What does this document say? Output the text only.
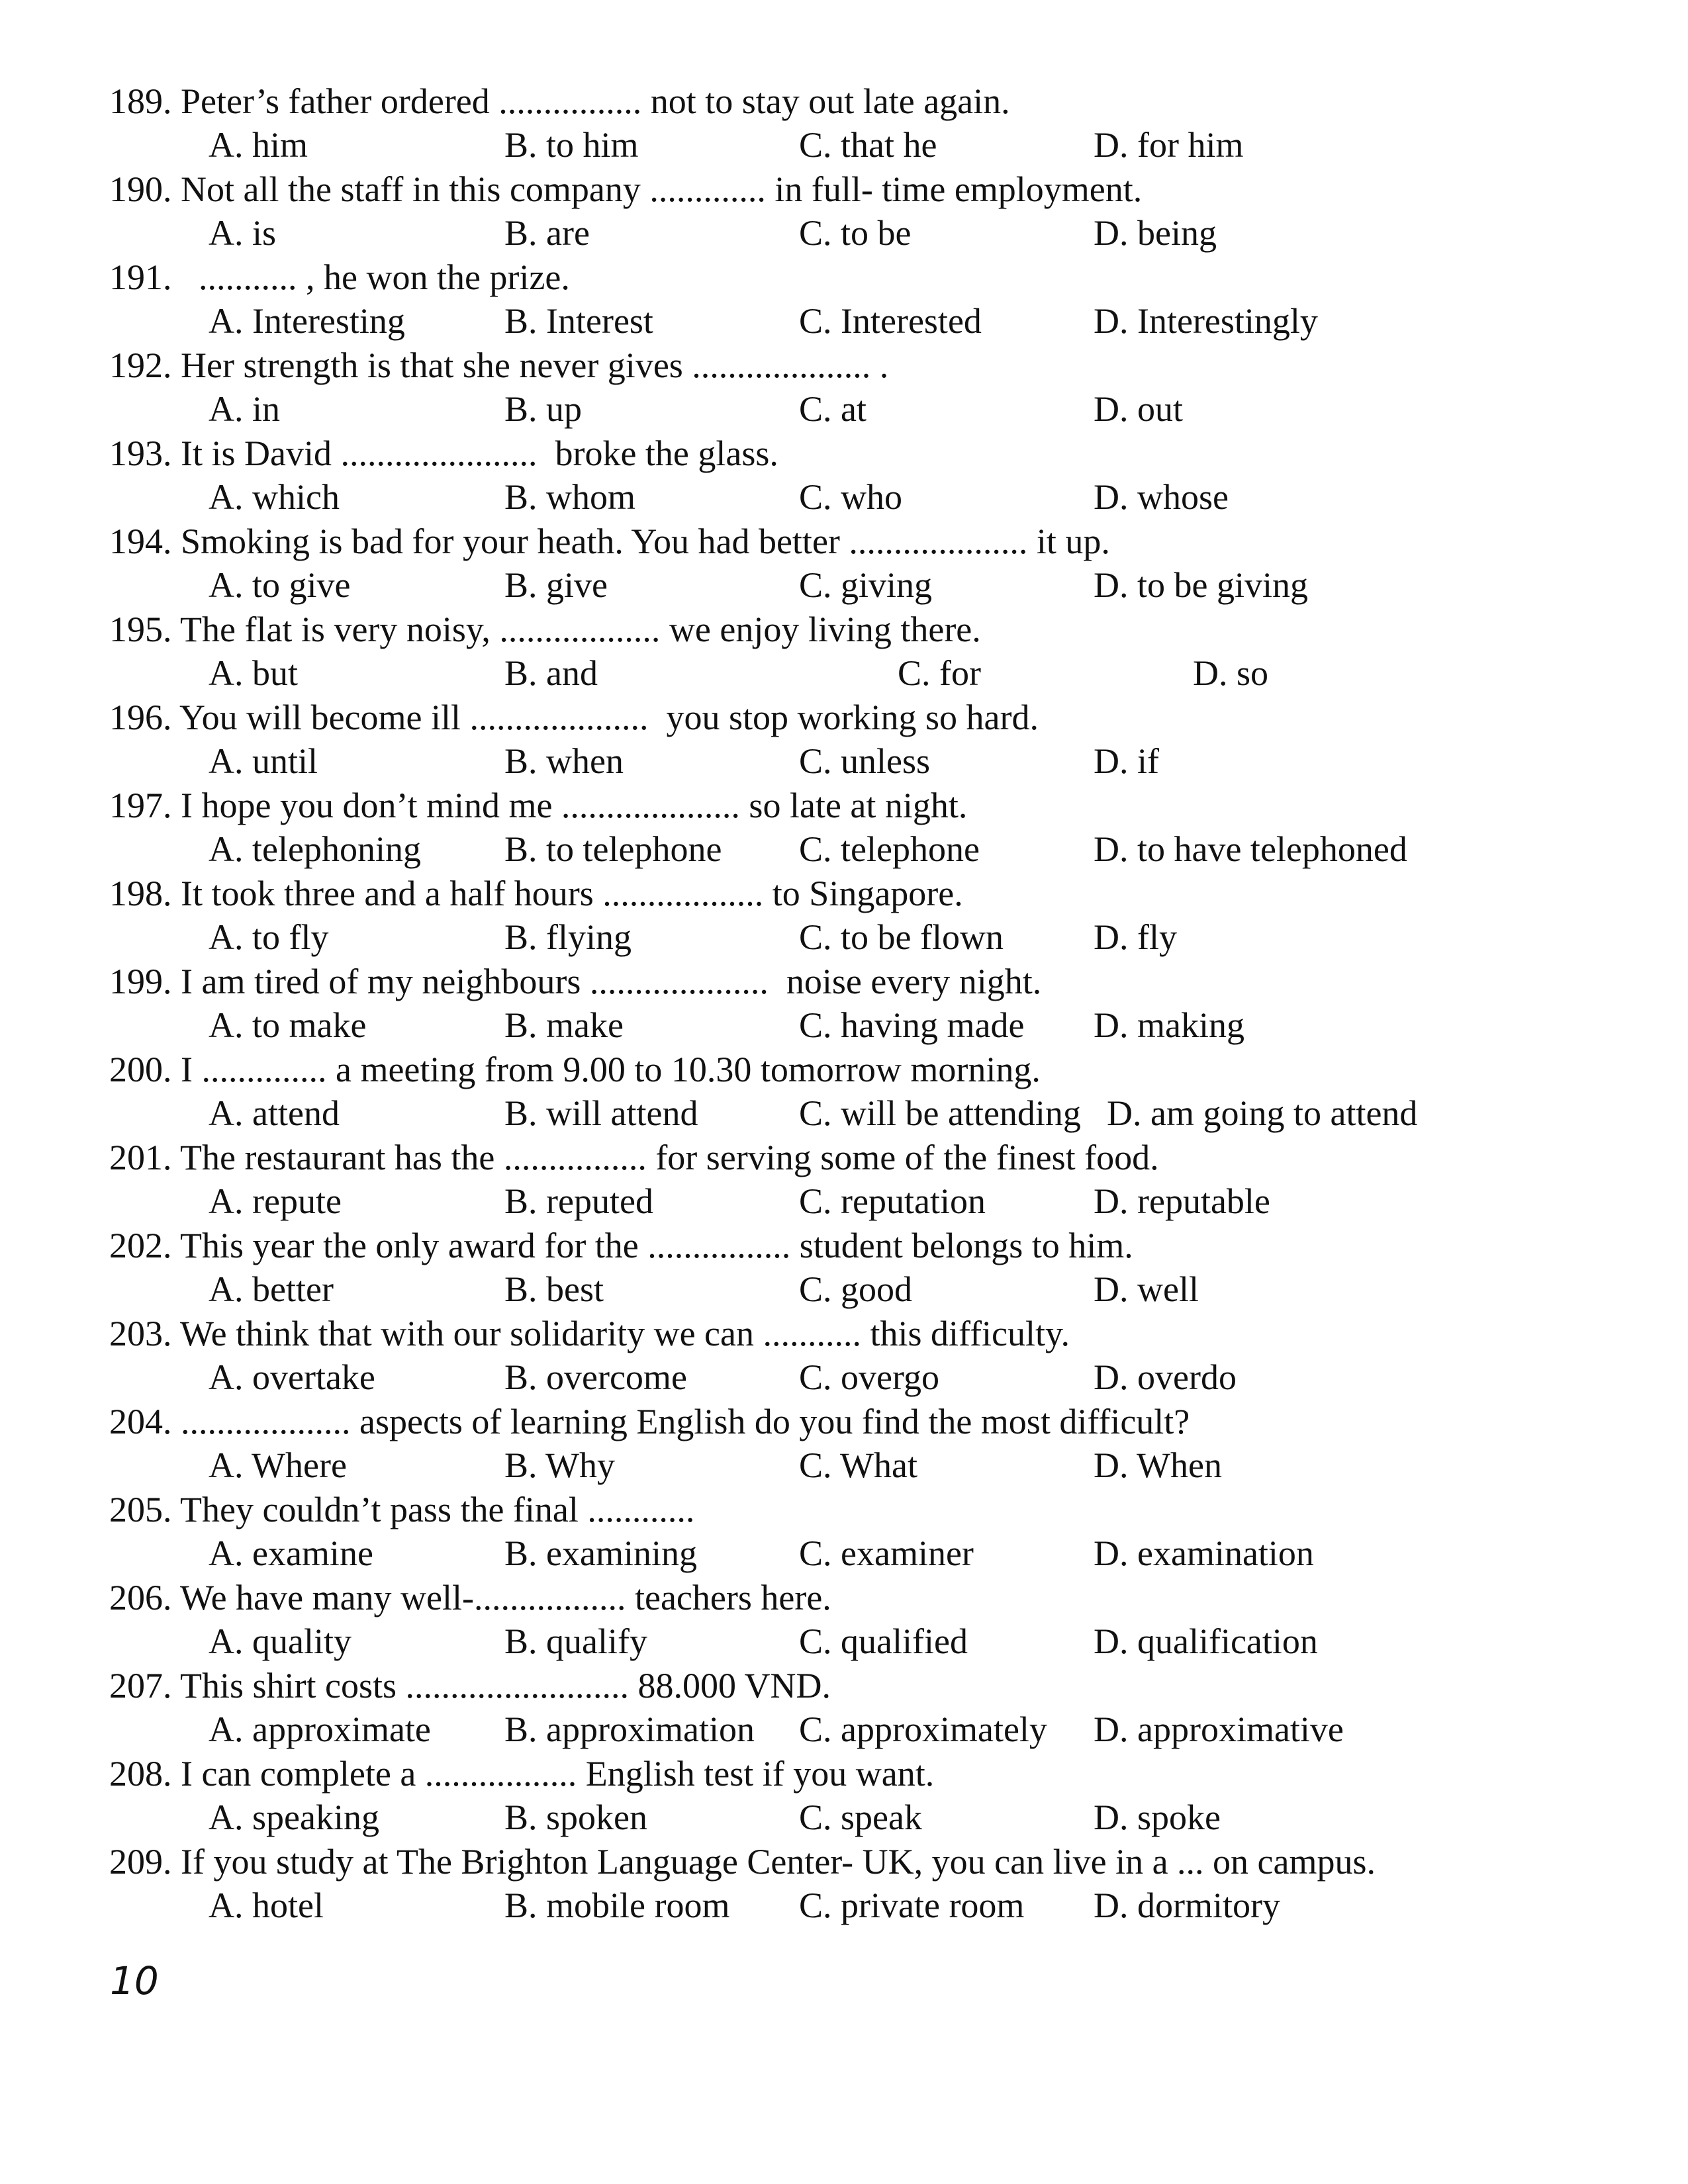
189. Peter’s father ordered ................ not to stay out late again.
A. him	B. to him	C. that he	D. for him
190. Not all the staff in this company ............. in full- time employment.
A. is	B. are	C. to be	D. being
191.   ........... , he won the prize.
A. Interesting	B. Interest	C. Interested	D. Interestingly
192. Her strength is that she never gives .................... .
A. in	B. up	C. at	D. out
193. It is David ......................  broke the glass.
A. which	B. whom	C. who	D. whose
194. Smoking is bad for your heath. You had better .................... it up.
A. to give	B. give	C. giving	D. to be giving
195. The flat is very noisy, .................. we enjoy living there.
A. but	B. and	C. for	D. so
196. You will become ill ....................  you stop working so hard.
A. until	B. when	C. unless	D. if
197. I hope you don’t mind me .................... so late at night.
A. telephoning B. to telephone C. telephone	D. to have telephoned
198. It took three and a half hours .................. to Singapore.
A. to fly	B. flying	C. to be flown	D. fly
199. I am tired of my neighbours ....................  noise every night.
A. to make	B. make	C. having made D. making
200. I .............. a meeting from 9.00 to 10.30 tomorrow morning.
A. attend	B. will attend	C. will be attending D. am going to attend
201. The restaurant has the ................ for serving some of the finest food.
A. repute	B. reputed	C. reputation	D. reputable
202. This year the only award for the ................ student belongs to him.
A. better	B. best	C. good	D. well
203. We think that with our solidarity we can ........... this difficulty.
A. overtake	B. overcome	C. overgo	D. overdo
204. ................... aspects of learning English do you find the most difficult?
A. Where	B. Why	C. What	D. When
205. They couldn’t pass the final ............
A. examine	B. examining	C. examiner	D. examination
206. We have many well-................. teachers here.
A. quality	B. qualify	C. qualified	D. qualification
207. This shirt costs ......................... 88.000 VND.
A. approximate B. approximation C. approximately D. approximative
208. I can complete a ................. English test if you want.
A. speaking	B. spoken	C. speak	D. spoke
209. If you study at The Brighton Language Center- UK, you can live in a ... on campus.
A. hotel	B. mobile room C. private room D. dormitory
10
